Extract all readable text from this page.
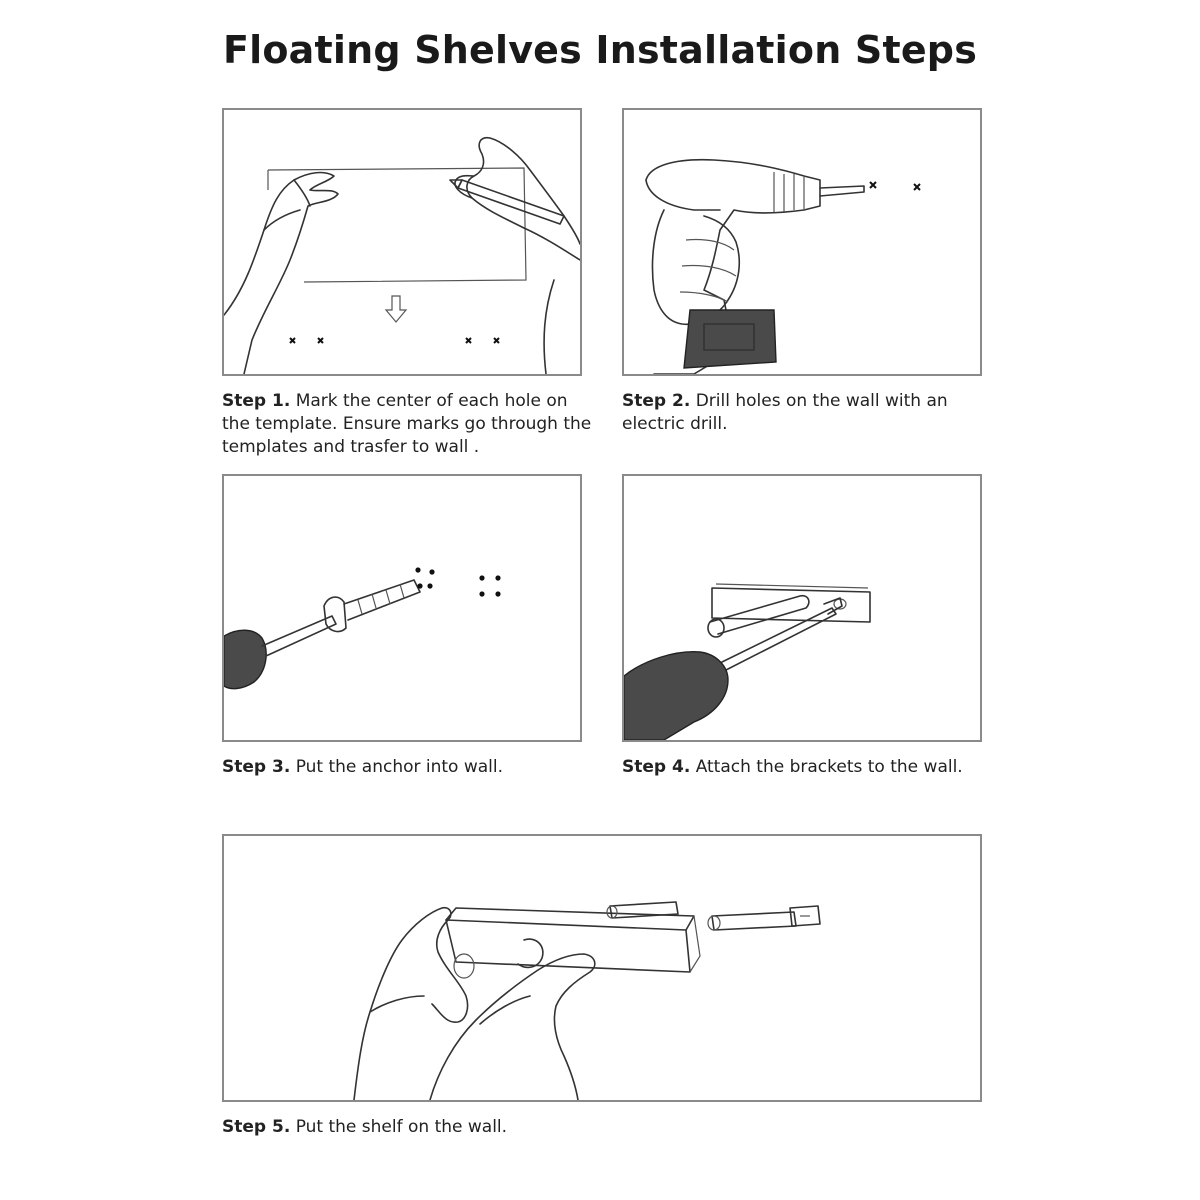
Floating Shelves Installation Steps
Step 1. Mark the center of each hole on the template. Ensure marks go through the templates and trasfer to wall .
Step 2. Drill holes on the wall with an electric drill.
Step 3. Put the anchor into wall.	Step 4. Attach the brackets to the wall.
Step 5. Put the shelf on the wall.
